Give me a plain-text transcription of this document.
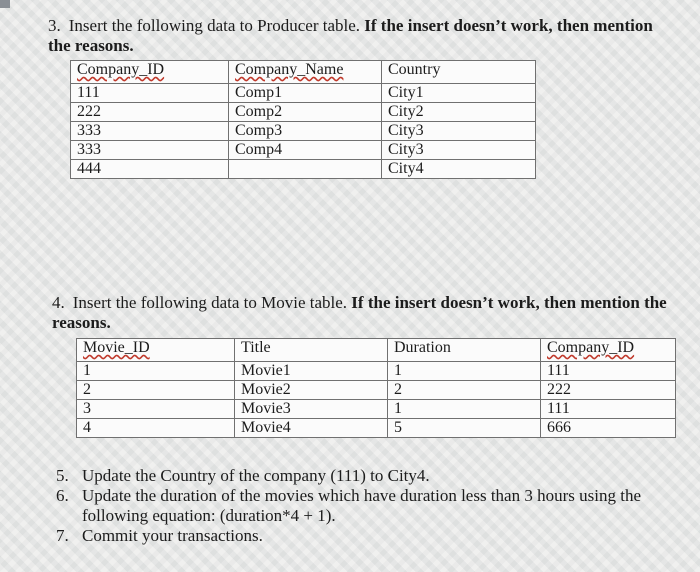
3. Insert the following data to Producer table. If the insert doesn’t work, then mention the reasons.

Company_ID	Company_Name	Country
111	Comp1	City1
222	Comp2	City2
333	Comp3	City3
333	Comp4	City3
444		City4

4. Insert the following data to Movie table. If the insert doesn’t work, then mention the reasons.

Movie_ID	Title	Duration	Company_ID
1	Movie1	1	111
2	Movie2	2	222
3	Movie3	1	111
4	Movie4	5	666
5. Update the Country of the company (111) to City4.
6. Update the duration of the movies which have duration less than 3 hours using the following equation: (duration*4 + 1).
7. Commit your transactions.
